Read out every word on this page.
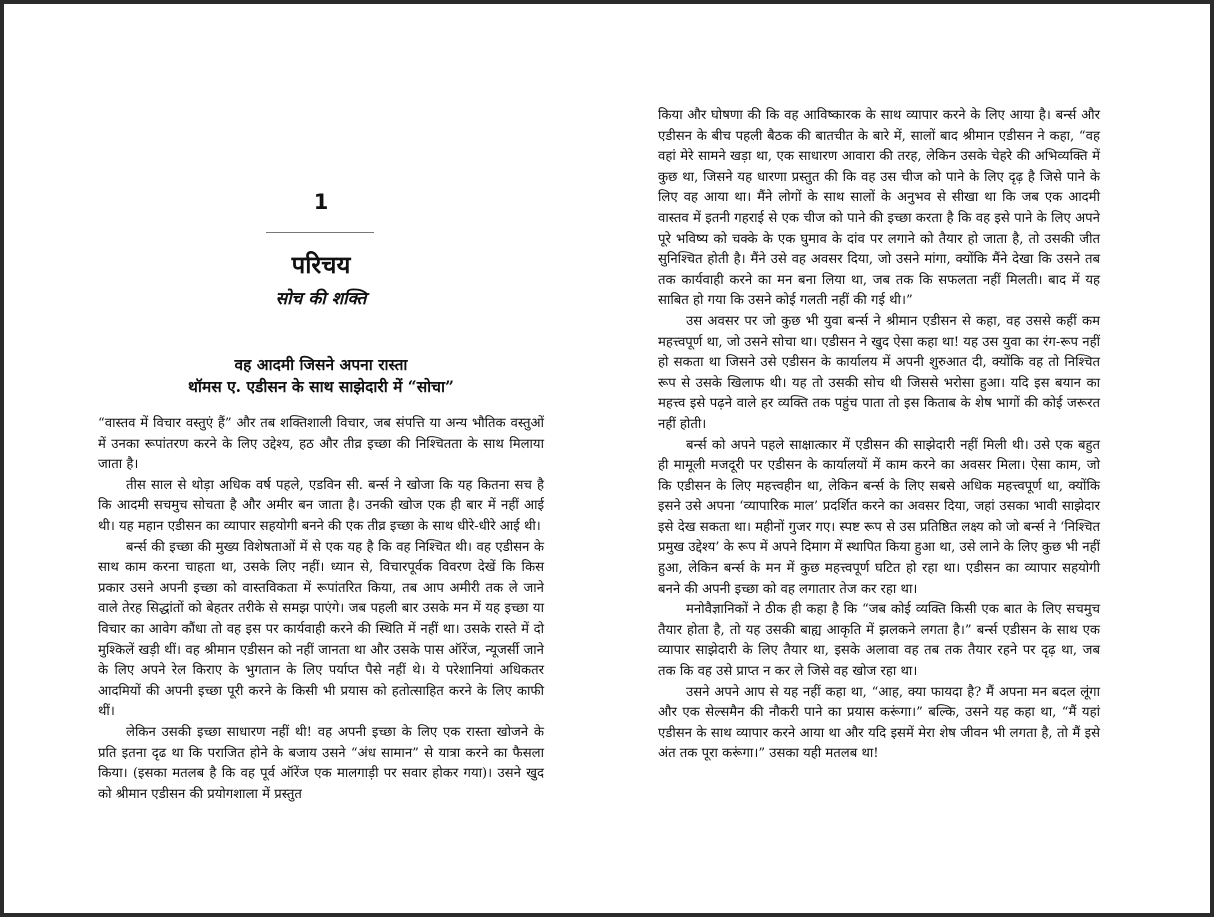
1
परिचय
सोच की शक्ति
वह आदमी जिसने अपना रास्ता
थॉमस ए. एडीसन के साथ साझेदारी में “सोचा”

“वास्तव में विचार वस्तुएं हैं” और तब शक्तिशाली विचार, जब संपत्ति या अन्य भौतिक वस्तुओं में उनका रूपांतरण करने के लिए उद्देश्य, हठ और तीव्र इच्छा की निश्चितता के साथ मिलाया जाता है।

तीस साल से थोड़ा अधिक वर्ष पहले, एडविन सी. बर्न्स ने खोजा कि यह कितना सच है कि आदमी सचमुच सोचता है और अमीर बन जाता है। उनकी खोज एक ही बार में नहीं आई थी। यह महान एडीसन का व्यापार सहयोगी बनने की एक तीव्र इच्छा के साथ धीरे-धीरे आई थी।

बर्न्स की इच्छा की मुख्य विशेषताओं में से एक यह है कि वह निश्चित थी। वह एडीसन के साथ काम करना चाहता था, उसके लिए नहीं। ध्यान से, विचारपूर्वक विवरण देखें कि किस प्रकार उसने अपनी इच्छा को वास्तविकता में रूपांतरित किया, तब आप अमीरी तक ले जाने वाले तेरह सिद्धांतों को बेहतर तरीके से समझ पाएंगे। जब पहली बार उसके मन में यह इच्छा या विचार का आवेग कौंधा तो वह इस पर कार्यवाही करने की स्थिति में नहीं था। उसके रास्ते में दो मुश्किलें खड़ी थीं। वह श्रीमान एडीसन को नहीं जानता था और उसके पास ऑरेंज, न्यूजर्सी जाने के लिए अपने रेल किराए के भुगतान के लिए पर्याप्त पैसे नहीं थे। ये परेशानियां अधिकतर आदमियों की अपनी इच्छा पूरी करने के किसी भी प्रयास को हतोत्साहित करने के लिए काफी थीं।

लेकिन उसकी इच्छा साधारण नहीं थी! वह अपनी इच्छा के लिए एक रास्ता खोजने के प्रति इतना दृढ था कि पराजित होने के बजाय उसने “अंध सामान” से यात्रा करने का फैसला किया। (इसका मतलब है कि वह पूर्व ऑरेंज एक मालगाड़ी पर सवार होकर गया)। उसने खुद को श्रीमान एडीसन की प्रयोगशाला में प्रस्तुत

किया और घोषणा की कि वह आविष्कारक के साथ व्यापार करने के लिए आया है। बर्न्स और एडीसन के बीच पहली बैठक की बातचीत के बारे में, सालों बाद श्रीमान एडीसन ने कहा, “वह वहां मेरे सामने खड़ा था, एक साधारण आवारा की तरह, लेकिन उसके चेहरे की अभिव्यक्ति में कुछ था, जिसने यह धारणा प्रस्तुत की कि वह उस चीज को पाने के लिए दृढ़ है जिसे पाने के लिए वह आया था। मैंने लोगों के साथ सालों के अनुभव से सीखा था कि जब एक आदमी वास्तव में इतनी गहराई से एक चीज को पाने की इच्छा करता है कि वह इसे पाने के लिए अपने पूरे भविष्य को चक्के के एक घुमाव के दांव पर लगाने को तैयार हो जाता है, तो उसकी जीत सुनिश्चित होती है। मैंने उसे वह अवसर दिया, जो उसने मांगा, क्योंकि मैंने देखा कि उसने तब तक कार्यवाही करने का मन बना लिया था, जब तक कि सफलता नहीं मिलती। बाद में यह साबित हो गया कि उसने कोई गलती नहीं की गई थी।”

उस अवसर पर जो कुछ भी युवा बर्न्स ने श्रीमान एडीसन से कहा, वह उससे कहीं कम महत्त्वपूर्ण था, जो उसने सोचा था। एडीसन ने खुद ऐसा कहा था! यह उस युवा का रंग-रूप नहीं हो सकता था जिसने उसे एडीसन के कार्यालय में अपनी शुरुआत दी, क्योंकि वह तो निश्चित रूप से उसके खिलाफ थी। यह तो उसकी सोच थी जिससे भरोसा हुआ। यदि इस बयान का महत्त्व इसे पढ़ने वाले हर व्यक्ति तक पहुंच पाता तो इस किताब के शेष भागों की कोई जरूरत नहीं होती।

बर्न्स को अपने पहले साक्षात्कार में एडीसन की साझेदारी नहीं मिली थी। उसे एक बहुत ही मामूली मजदूरी पर एडीसन के कार्यालयों में काम करने का अवसर मिला। ऐसा काम, जो कि एडीसन के लिए महत्त्वहीन था, लेकिन बर्न्स के लिए सबसे अधिक महत्त्वपूर्ण था, क्योंकि इसने उसे अपना ‘व्यापारिक माल’ प्रदर्शित करने का अवसर दिया, जहां उसका भावी साझेदार इसे देख सकता था। महीनों गुजर गए। स्पष्ट रूप से उस प्रतिष्ठित लक्ष्य को जो बर्न्स ने ‘निश्चित प्रमुख उद्देश्य’ के रूप में अपने दिमाग में स्थापित किया हुआ था, उसे लाने के लिए कुछ भी नहीं हुआ, लेकिन बर्न्स के मन में कुछ महत्त्वपूर्ण घटित हो रहा था। एडीसन का व्यापार सहयोगी बनने की अपनी इच्छा को वह लगातार तेज कर रहा था।

मनोवैज्ञानिकों ने ठीक ही कहा है कि “जब कोई व्यक्ति किसी एक बात के लिए सचमुच तैयार होता है, तो यह उसकी बाह्य आकृति में झलकने लगता है।” बर्न्स एडीसन के साथ एक व्यापार साझेदारी के लिए तैयार था, इसके अलावा वह तब तक तैयार रहने पर दृढ़ था, जब तक कि वह उसे प्राप्त न कर ले जिसे वह खोज रहा था।

उसने अपने आप से यह नहीं कहा था, “आह, क्या फायदा है? मैं अपना मन बदल लूंगा और एक सेल्समैन की नौकरी पाने का प्रयास करूंगा।” बल्कि, उसने यह कहा था, “मैं यहां एडीसन के साथ व्यापार करने आया था और यदि इसमें मेरा शेष जीवन भी लगता है, तो मैं इसे अंत तक पूरा करूंगा।” उसका यही मतलब था!
